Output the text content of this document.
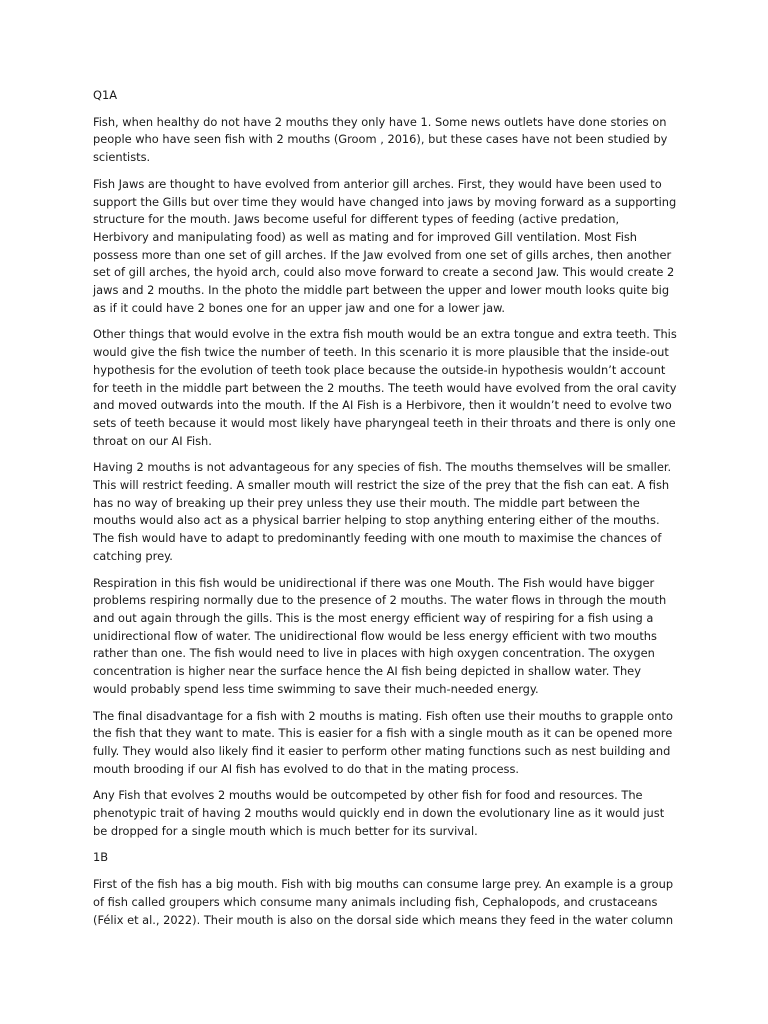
Q1A

Fish, when healthy do not have 2 mouths they only have 1. Some news outlets have done stories on people who have seen fish with 2 mouths (Groom , 2016), but these cases have not been studied by scientists.

Fish Jaws are thought to have evolved from anterior gill arches. First, they would have been used to support the Gills but over time they would have changed into jaws by moving forward as a supporting structure for the mouth. Jaws become useful for different types of feeding (active predation, Herbivory and manipulating food) as well as mating and for improved Gill ventilation. Most Fish possess more than one set of gill arches. If the Jaw evolved from one set of gills arches, then another set of gill arches, the hyoid arch, could also move forward to create a second Jaw. This would create 2 jaws and 2 mouths. In the photo the middle part between the upper and lower mouth looks quite big as if it could have 2 bones one for an upper jaw and one for a lower jaw.

Other things that would evolve in the extra fish mouth would be an extra tongue and extra teeth. This would give the fish twice the number of teeth. In this scenario it is more plausible that the inside-out hypothesis for the evolution of teeth took place because the outside-in hypothesis wouldn’t account for teeth in the middle part between the 2 mouths. The teeth would have evolved from the oral cavity and moved outwards into the mouth. If the AI Fish is a Herbivore, then it wouldn’t need to evolve two sets of teeth because it would most likely have pharyngeal teeth in their throats and there is only one throat on our AI Fish.

Having 2 mouths is not advantageous for any species of fish. The mouths themselves will be smaller. This will restrict feeding. A smaller mouth will restrict the size of the prey that the fish can eat. A fish has no way of breaking up their prey unless they use their mouth. The middle part between the mouths would also act as a physical barrier helping to stop anything entering either of the mouths. The fish would have to adapt to predominantly feeding with one mouth to maximise the chances of catching prey.

Respiration in this fish would be unidirectional if there was one Mouth. The Fish would have bigger problems respiring normally due to the presence of 2 mouths. The water flows in through the mouth and out again through the gills. This is the most energy efficient way of respiring for a fish using a unidirectional flow of water. The unidirectional flow would be less energy efficient with two mouths rather than one. The fish would need to live in places with high oxygen concentration. The oxygen concentration is higher near the surface hence the AI fish being depicted in shallow water. They would probably spend less time swimming to save their much-needed energy.

The final disadvantage for a fish with 2 mouths is mating. Fish often use their mouths to grapple onto the fish that they want to mate. This is easier for a fish with a single mouth as it can be opened more fully. They would also likely find it easier to perform other mating functions such as nest building and mouth brooding if our AI fish has evolved to do that in the mating process.

Any Fish that evolves 2 mouths would be outcompeted by other fish for food and resources. The phenotypic trait of having 2 mouths would quickly end in down the evolutionary line as it would just be dropped for a single mouth which is much better for its survival.

1B

First of the fish has a big mouth. Fish with big mouths can consume large prey. An example is a group of fish called groupers which consume many animals including fish, Cephalopods, and crustaceans (Félix et al., 2022). Their mouth is also on the dorsal side which means they feed in the water column
